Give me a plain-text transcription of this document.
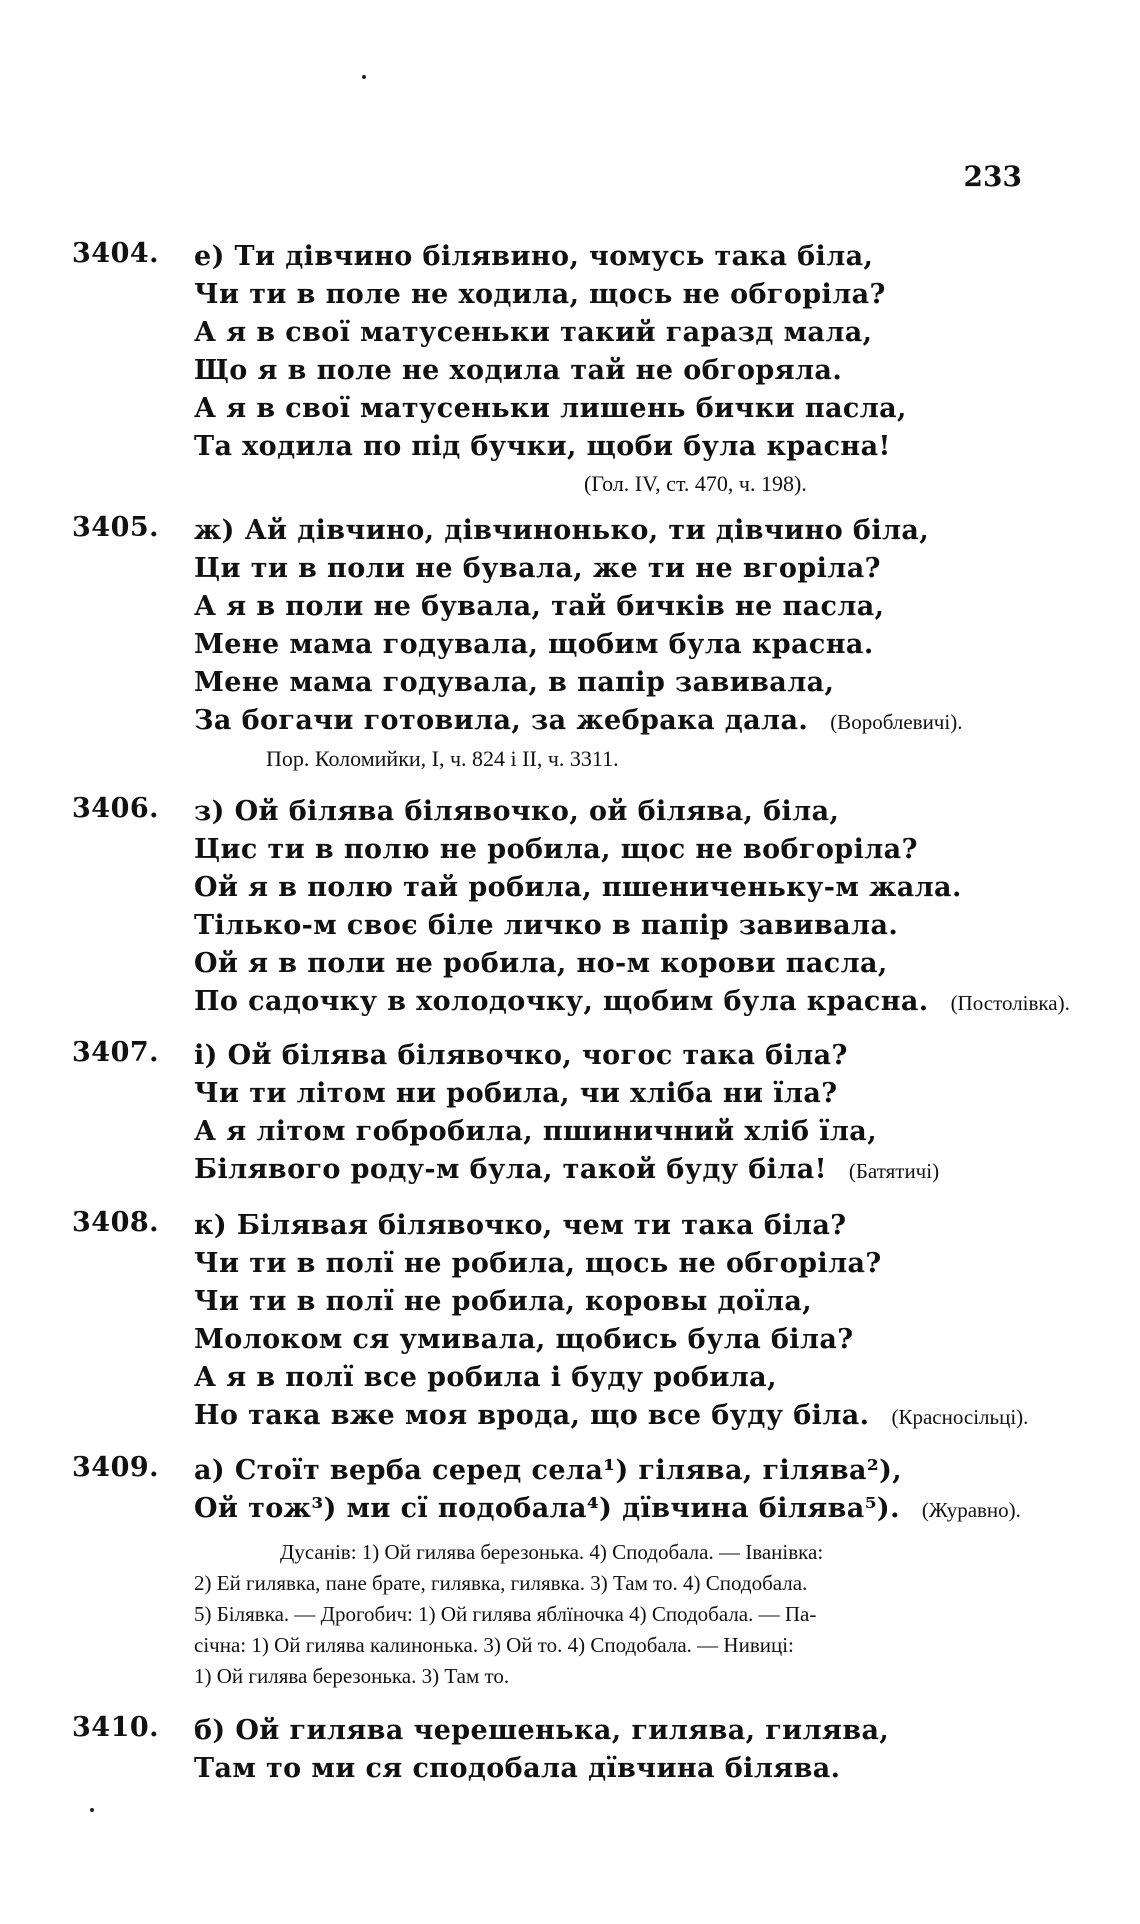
233
3404. е) Ти дівчино білявино, чомусь така біла,
Чи ти в поле не ходила, щось не обгоріла?
А я в свої матусеньки такий гаразд мала,
Що я в поле не ходила тай не обгоряла.
А я в свої матусеньки лишень бички пасла,
Та ходила по під бучки, щоби була красна!
(Гол. IV, ст. 470, ч. 198).
3405. ж) Ай дівчино, дівчинонько, ти дівчино біла,
Ци ти в поли не бувала, же ти не вгоріла?
А я в поли не бувала, тай бичків не пасла,
Мене мама годувала, щобим була красна.
Мене мама годувала, в папір завивала,
За богачи готовила, за жебрака дала. (Вороблевичі).
Пор. Коломийки, I, ч. 824 і II, ч. 3311.
3406. з) Ой білява білявочко, ой білява, біла,
Цис ти в полю не робила, щос не вобгоріла?
Ой я в полю тай робила, пшениченьку-м жала.
Тілько-м своє біле личко в папір завивала.
Ой я в поли не робила, но-м корови пасла,
По садочку в холодочку, щобим була красна. (Постолівка).
3407. і) Ой білява білявочко, чогос така біла?
Чи ти літом ни робила, чи хліба ни їла?
А я літом гобробила, пшиничний хліб їла,
Білявого роду-м була, такой буду біла! (Батятичі)
3408. к) Білявая білявочко, чем ти така біла?
Чи ти в полї не робила, щось не обгоріла?
Чи ти в полї не робила, коровы доїла,
Молоком ся умивала, щобись була біла?
А я в полї все робила і буду робила,
Но така вже моя врода, що все буду біла. (Красносільці).
3409. а) Стоїт верба серед села¹) гілява, гілява²),
Ой тож³) ми сї подобала⁴) дївчина білява⁵). (Журавно).
Дусанів: 1) Ой гилява березонька. 4) Сподобала. — Іванівка:
2) Ей гилявка, пане брате, гилявка, гилявка. 3) Там то. 4) Сподобала.
5) Білявка. — Дрогобич: 1) Ой гилява яблїночка 4) Сподобала. — Па-
січна: 1) Ой гилява калинонька. 3) Ой то. 4) Сподобала. — Нивиці:
1) Ой гилява березонька. 3) Там то.
3410. б) Ой гилява черешенька, гилява, гилява,
Там то ми ся сподобала дївчина білява.
